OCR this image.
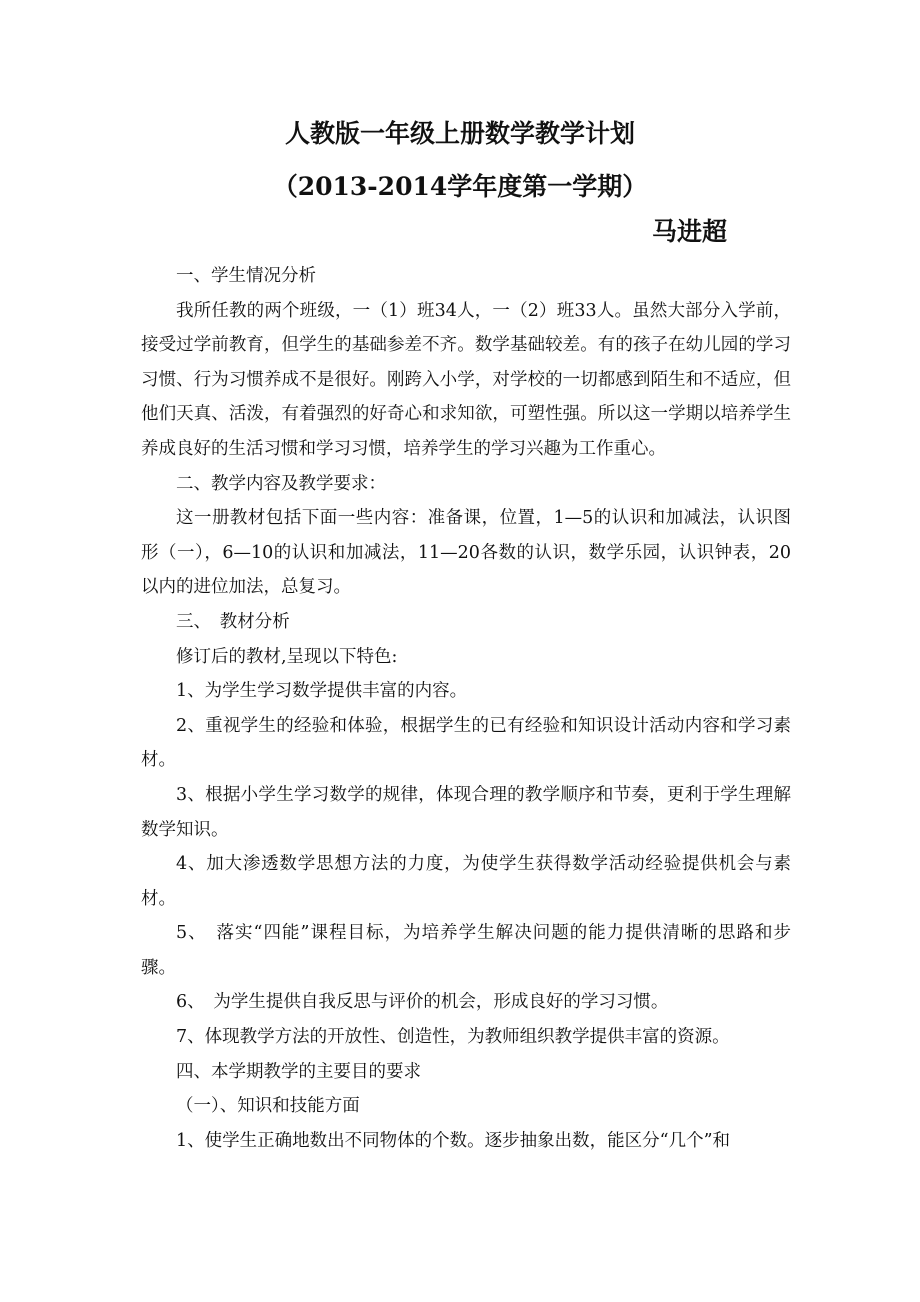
人教版一年级上册数学教学计划
（2013-2014学年度第一学期）
马进超

一、学生情况分析

我所任教的两个班级，一（1）班34人，一（2）班33人。虽然大部分入学前，接受过学前教育，但学生的基础参差不齐。数学基础较差。有的孩子在幼儿园的学习习惯、行为习惯养成不是很好。刚跨入小学，对学校的一切都感到陌生和不适应，但他们天真、活泼，有着强烈的好奇心和求知欲，可塑性强。所以这一学期以培养学生养成良好的生活习惯和学习习惯，培养学生的学习兴趣为工作重心。

二、教学内容及教学要求：

这一册教材包括下面一些内容：准备课，位置，1—5的认识和加减法，认识图形（一），6—10的认识和加减法，11—20各数的认识，数学乐园，认识钟表，20以内的进位加法，总复习。

三、　教材分析

修订后的教材,呈现以下特色:

1、为学生学习数学提供丰富的内容。

2、重视学生的经验和体验，根据学生的已有经验和知识设计活动内容和学习素材。

3、根据小学生学习数学的规律，体现合理的教学顺序和节奏，更利于学生理解数学知识。

4、加大渗透数学思想方法的力度，为使学生获得数学活动经验提供机会与素材。

5、　落实“四能”课程目标，为培养学生解决问题的能力提供清晰的思路和步骤。

6、　为学生提供自我反思与评价的机会，形成良好的学习习惯。

7、体现教学方法的开放性、创造性，为教师组织教学提供丰富的资源。

四、本学期教学的主要目的要求

（一）、知识和技能方面

1、使学生正确地数出不同物体的个数。逐步抽象出数，能区分“几个”和
